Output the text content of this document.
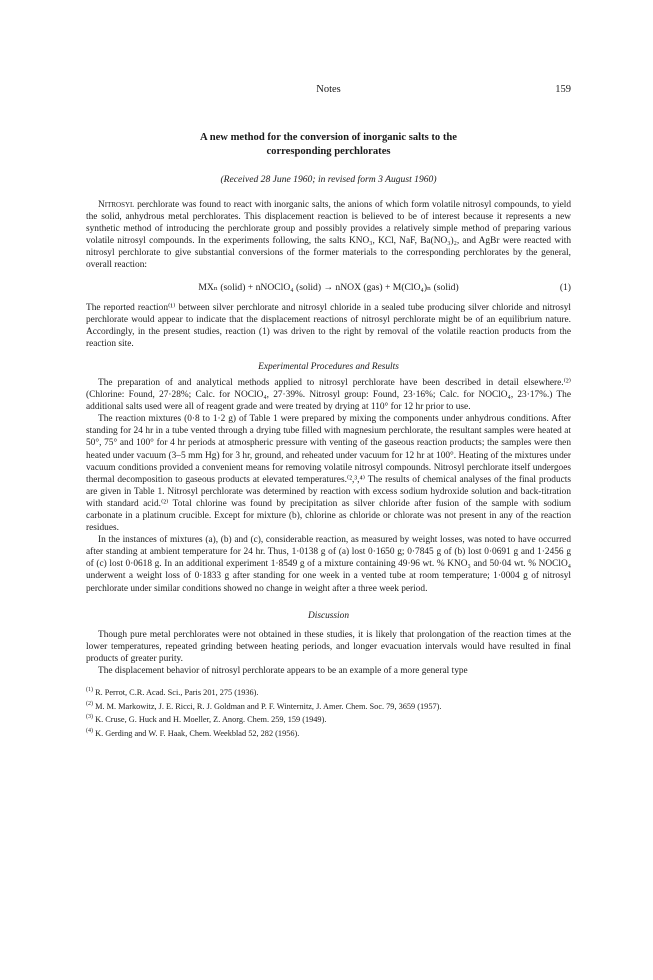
Notes	159
A new method for the conversion of inorganic salts to the
corresponding perchlorates
(Received 28 June 1960; in revised form 3 August 1960)

Nitrosyl perchlorate was found to react with inorganic salts, the anions of which form volatile nitrosyl compounds, to yield the solid, anhydrous metal perchlorates. This displacement reaction is believed to be of interest because it represents a new synthetic method of introducing the perchlorate group and possibly provides a relatively simple method of preparing various volatile nitrosyl compounds. In the experiments following, the salts KNO₃, KCl, NaF, Ba(NO₃)₂, and AgBr were reacted with nitrosyl perchlorate to give substantial conversions of the former materials to the corresponding perchlorates by the general, overall reaction:

MXₙ (solid) + nNOClO₄ (solid) → nNOX (gas) + M(ClO₄)ₙ (solid)	(1)

The reported reaction⁽¹⁾ between silver perchlorate and nitrosyl chloride in a sealed tube producing silver chloride and nitrosyl perchlorate would appear to indicate that the displacement reactions of nitrosyl perchlorate might be of an equilibrium nature. Accordingly, in the present studies, reaction (1) was driven to the right by removal of the volatile reaction products from the reaction site.

Experimental Procedures and Results

The preparation of and analytical methods applied to nitrosyl perchlorate have been described in detail elsewhere.⁽²⁾ (Chlorine: Found, 27·28%; Calc. for NOClO₄, 27·39%. Nitrosyl group: Found, 23·16%; Calc. for NOClO₄, 23·17%.) The additional salts used were all of reagent grade and were treated by drying at 110° for 12 hr prior to use.

The reaction mixtures (0·8 to 1·2 g) of Table 1 were prepared by mixing the components under anhydrous conditions. After standing for 24 hr in a tube vented through a drying tube filled with magnesium perchlorate, the resultant samples were heated at 50°, 75° and 100° for 4 hr periods at atmospheric pressure with venting of the gaseous reaction products; the samples were then heated under vacuum (3–5 mm Hg) for 3 hr, ground, and reheated under vacuum for 12 hr at 100°. Heating of the mixtures under vacuum conditions provided a convenient means for removing volatile nitrosyl compounds. Nitrosyl perchlorate itself undergoes thermal decomposition to gaseous products at elevated temperatures.⁽²,³,⁴⁾ The results of chemical analyses of the final products are given in Table 1. Nitrosyl perchlorate was determined by reaction with excess sodium hydroxide solution and back-titration with standard acid.⁽²⁾ Total chlorine was found by precipitation as silver chloride after fusion of the sample with sodium carbonate in a platinum crucible. Except for mixture (b), chlorine as chloride or chlorate was not present in any of the reaction residues.

In the instances of mixtures (a), (b) and (c), considerable reaction, as measured by weight losses, was noted to have occurred after standing at ambient temperature for 24 hr. Thus, 1·0138 g of (a) lost 0·1650 g; 0·7845 g of (b) lost 0·0691 g and 1·2456 g of (c) lost 0·0618 g. In an additional experiment 1·8549 g of a mixture containing 49·96 wt. % KNO₃ and 50·04 wt. % NOClO₄ underwent a weight loss of 0·1833 g after standing for one week in a vented tube at room temperature; 1·0004 g of nitrosyl perchlorate under similar conditions showed no change in weight after a three week period.

Discussion

Though pure metal perchlorates were not obtained in these studies, it is likely that prolongation of the reaction times at the lower temperatures, repeated grinding between heating periods, and longer evacuation intervals would have resulted in final products of greater purity.

The displacement behavior of nitrosyl perchlorate appears to be an example of a more general type

$^{(1)}$ R. Perrot, C.R. Acad. Sci., Paris 201, 275 (1936).
$^{(2)}$ M. M. Markowitz, J. E. Ricci, R. J. Goldman and P. F. Winternitz, J. Amer. Chem. Soc. 79, 3659 (1957).
$^{(3)}$ K. Cruse, G. Huck and H. Moeller, Z. Anorg. Chem. 259, 159 (1949).
$^{(4)}$ K. Gerding and W. F. Haak, Chem. Weekblad 52, 282 (1956).
